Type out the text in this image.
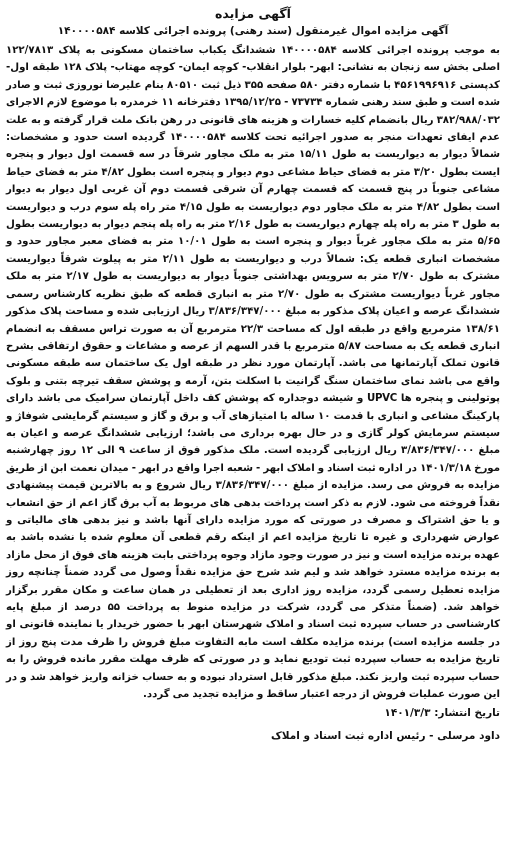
آگهی مزایده
آگهی مزایده اموال غیرمنقول (سند رهنی) پرونده اجرائی کلاسه ۱۴۰۰۰۰۵۸۴

به موجب پرونده اجرائی کلاسه ۱۴۰۰۰۰۵۸۴ ششدانگ یکباب ساختمان مسکونی به پلاک ۱۲۲/۷۸۱۳ اصلی بخش سه زنجان به نشانی: ابهر- بلوار انقلاب- کوچه ایمان- کوچه مهتاب- پلاک ۱۲۸ طبقه اول- کدپستی ۴۵۶۱۹۹۶۹۱۶ با شماره دفتر ۵۸۰ صفحه ۳۵۵ ذیل ثبت ۸۰۵۱۰ بنام علیرضا نوروزی ثبت و صادر شده است و طبق سند رهنی شماره ۷۳۷۳۴ - ۱۳۹۵/۱۲/۲۵ دفترخانه ۱۱ خرمدره با موضوع لازم الاجرای ۳۸۲/۹۸۸/۰۳۲ ریال بانضمام کلیه خسارات و هزینه های قانونی در رهن بانک ملت قرار گرفته و به علت عدم ایفای تعهدات منجر به صدور اجرائیه تحت کلاسه ۱۴۰۰۰۰۵۸۴ گردیده است حدود و مشخصات: شمالاً دیوار به دیواریست به طول ۱۵/۱۱ متر به ملک مجاور شرقاً در سه قسمت اول دیوار و پنجره ایست بطول ۳/۲۰ متر به فضای حیاط مشاعی دوم دیوار و پنجره است بطول ۴/۸۲ متر به فضای حیاط مشاعی جنوباً در پنج قسمت که قسمت چهارم آن شرقی قسمت دوم آن غربی اول دیوار به دیوار است بطول ۴/۸۲ متر به ملک مجاور دوم دیواریست به طول ۴/۱۵ متر راه پله سوم درب و دیواریست به طول ۳ متر به راه پله چهارم دیواریست به طول ۲/۱۶ متر به راه پله پنجم دیوار به دیواریست بطول ۵/۶۵ متر به ملک مجاور غرباً دیوار و پنجره است به طول ۱۰/۰۱ متر به فضای معبر مجاور حدود و مشخصات انباری قطعه یک: شمالاً درب و دیواریست به طول ۲/۱۱ متر به پیلوت شرقاً دیواریست مشترک به طول ۲/۷۰ متر به سرویس بهداشتی جنوباً دیوار به دیواریست به طول ۲/۱۷ متر به ملک مجاور غرباً دیواریست مشترک به طول ۲/۷۰ متر به انباری قطعه که طبق نظریه کارشناس رسمی ششدانگ عرصه و اعیان پلاک مذکور به مبلغ ۳/۸۳۶/۳۴۷/۰۰۰ ریال ارزیابی شده و مساحت پلاک مذکور ۱۳۸/۶۱ مترمربع واقع در طبقه اول که مساحت ۲۲/۳ مترمربع آن به صورت تراس مسقف به انضمام انباری قطعه یک به مساحت ۵/۸۷ مترمربع با قدر السهم از عرصه و مشاعات و حقوق ارتفاقی بشرح قانون تملک آپارتمانها می باشد. آپارتمان مورد نظر در طبقه اول یک ساختمان سه طبقه مسکونی واقع می باشد نمای ساختمان سنگ گرانیت با اسکلت بتن، آرمه و پوشش سقف تیرچه بتنی و بلوک پوتولینی و پنجره ها UPVC و شیشه دوجداره که پوشش کف داخل آپارتمان سرامیک می باشد دارای پارکینگ مشاعی و انباری با قدمت ۱۰ ساله با امتیازهای آب و برق و گاز و سیستم گرمایشی شوفاژ و سیستم سرمایش کولر گازی و در حال بهره برداری می باشد؛ ارزیابی ششدانگ عرصه و اعیان به مبلغ ۳/۸۳۶/۳۴۷/۰۰۰ ریال ارزیابی گردیده است. ملک مذکور فوق از ساعت ۹ الی ۱۲ روز چهارشنبه مورخ ۱۴۰۱/۳/۱۸ در اداره ثبت اسناد و املاک ابهر - شعبه اجرا واقع در ابهر - میدان نعمت ابن از طریق مزایده به فروش می رسد. مزایده از مبلغ ۳/۸۳۶/۳۴۷/۰۰۰ ریال شروع و به بالاترین قیمت پیشنهادی نقداً فروخته می شود. لازم به ذکر است پرداخت بدهی های مربوط به آب برق گاز اعم از حق انشعاب و یا حق اشتراک و مصرف در صورتی که مورد مزایده دارای آنها باشد و نیز بدهی های مالیاتی و عوارض شهرداری و غیره تا تاریخ مزایده اعم از اینکه رقم قطعی آن معلوم شده یا نشده باشد به عهده برنده مزایده است و نیز در صورت وجود مازاد وجوه پرداختی بابت هزینه های فوق از محل مازاد به برنده مزایده مسترد خواهد شد و لیم شد شرح حق مزایده نقداً وصول می گردد ضمناً چنانچه روز مزایده تعطیل رسمی گردد، مزایده روز اداری بعد از تعطیلی در همان ساعت و مکان مقرر برگزار خواهد شد. (ضمناً متذکر می گردد، شرکت در مزایده منوط به پرداخت ۵۵ درصد از مبلغ پایه کارشناسی در حساب سپرده ثبت اسناد و املاک شهرستان ابهر با حضور خریدار یا نماینده قانونی او در جلسه مزایده است) برنده مزایده مکلف است مابه التفاوت مبلغ فروش را ظرف مدت پنج روز از تاریخ مزایده به حساب سپرده ثبت تودیع نماید و در صورتی که ظرف مهلت مقرر مانده فروش را به حساب سپرده ثبت واریز نکند. مبلغ مذکور قابل استرداد نبوده و به حساب خزانه واریز خواهد شد و در این صورت عملیات فروش از درجه اعتبار ساقط و مزایده تجدید می گردد.

تاریخ انتشار: ۱۴۰۱/۳/۳
داود مرسلی - رئیس اداره ثبت اسناد و املاک
